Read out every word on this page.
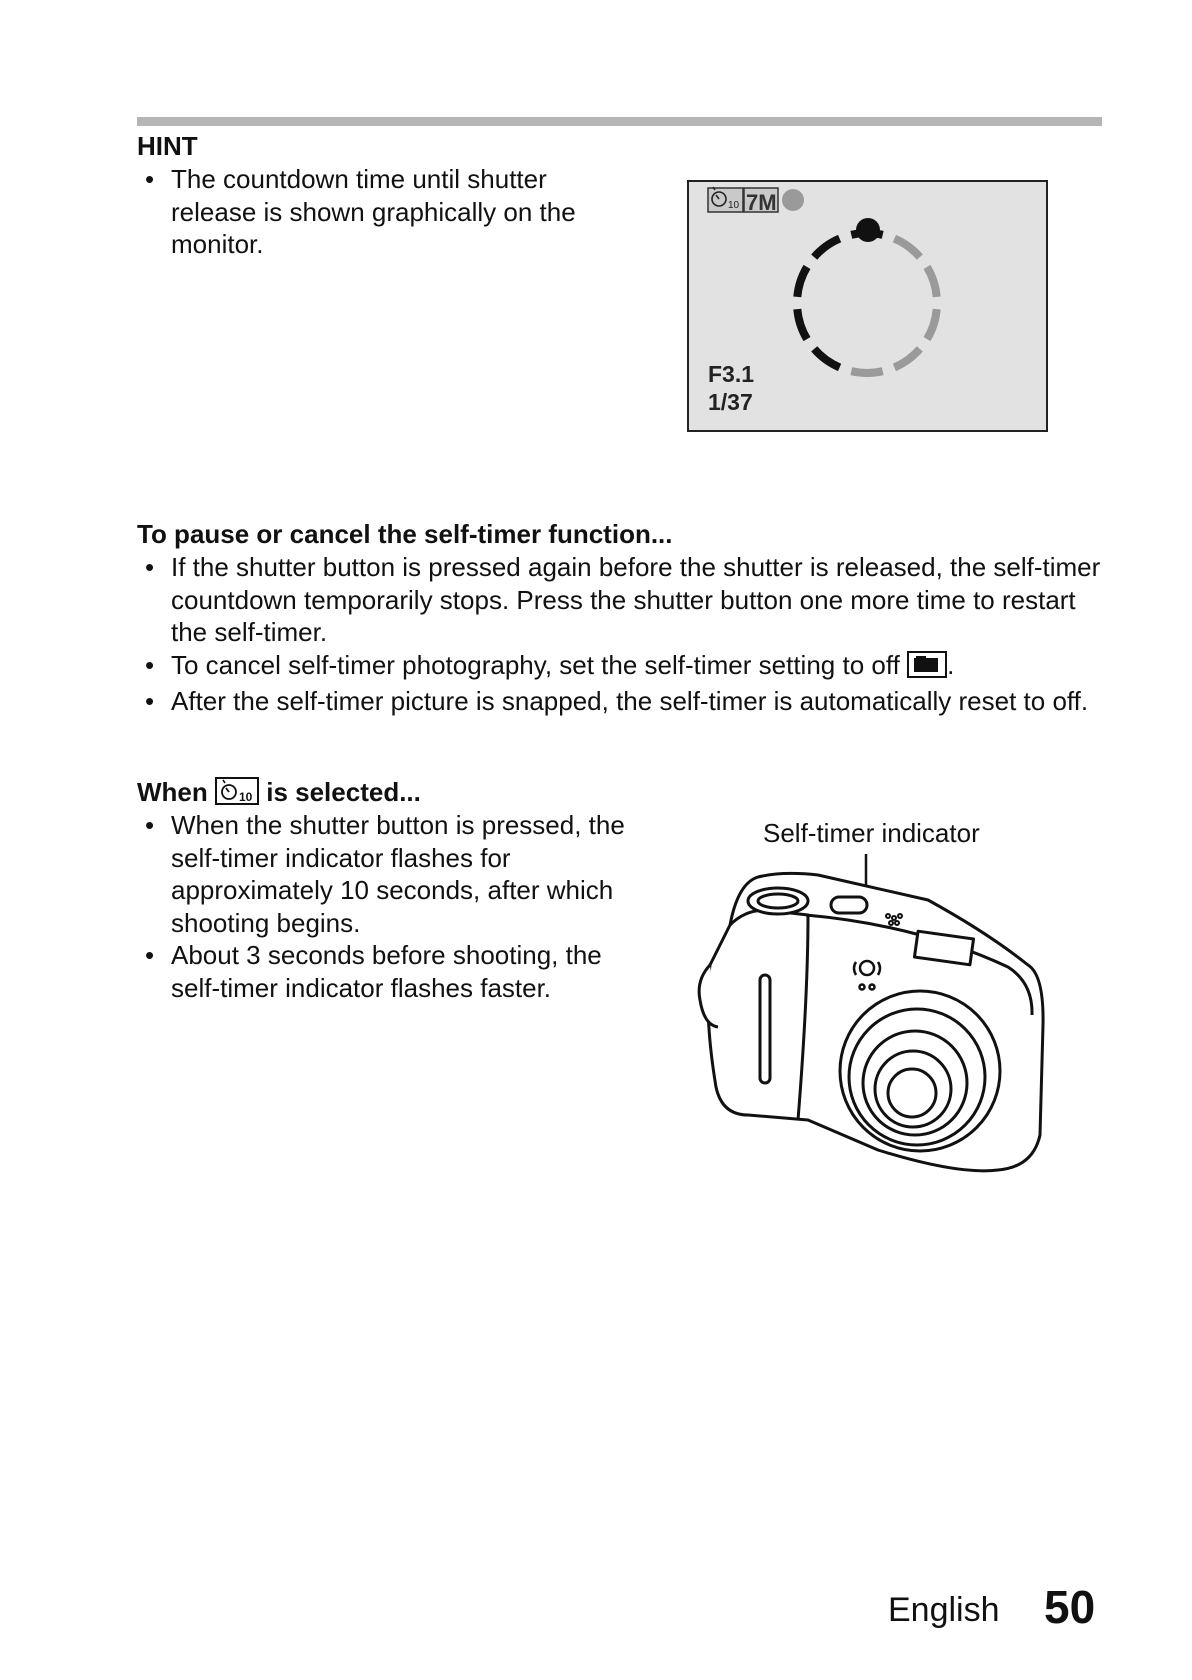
HINT
• The countdown time until shutter release is shown graphically on the monitor.
10 7M
F3.1
1/37
To pause or cancel the self-timer function...
• If the shutter button is pressed again before the shutter is released, the self-timer countdown temporarily stops. Press the shutter button one more time to restart the self-timer.
• To cancel self-timer photography, set the self-timer setting to off .
• After the self-timer picture is snapped, the self-timer is automatically reset to off.
When	10 is selected...
• When the shutter button is pressed, the self-timer indicator flashes for approximately 10 seconds, after which shooting begins.
• About 3 seconds before shooting, the self-timer indicator flashes faster.
Self-timer indicator
English 50
